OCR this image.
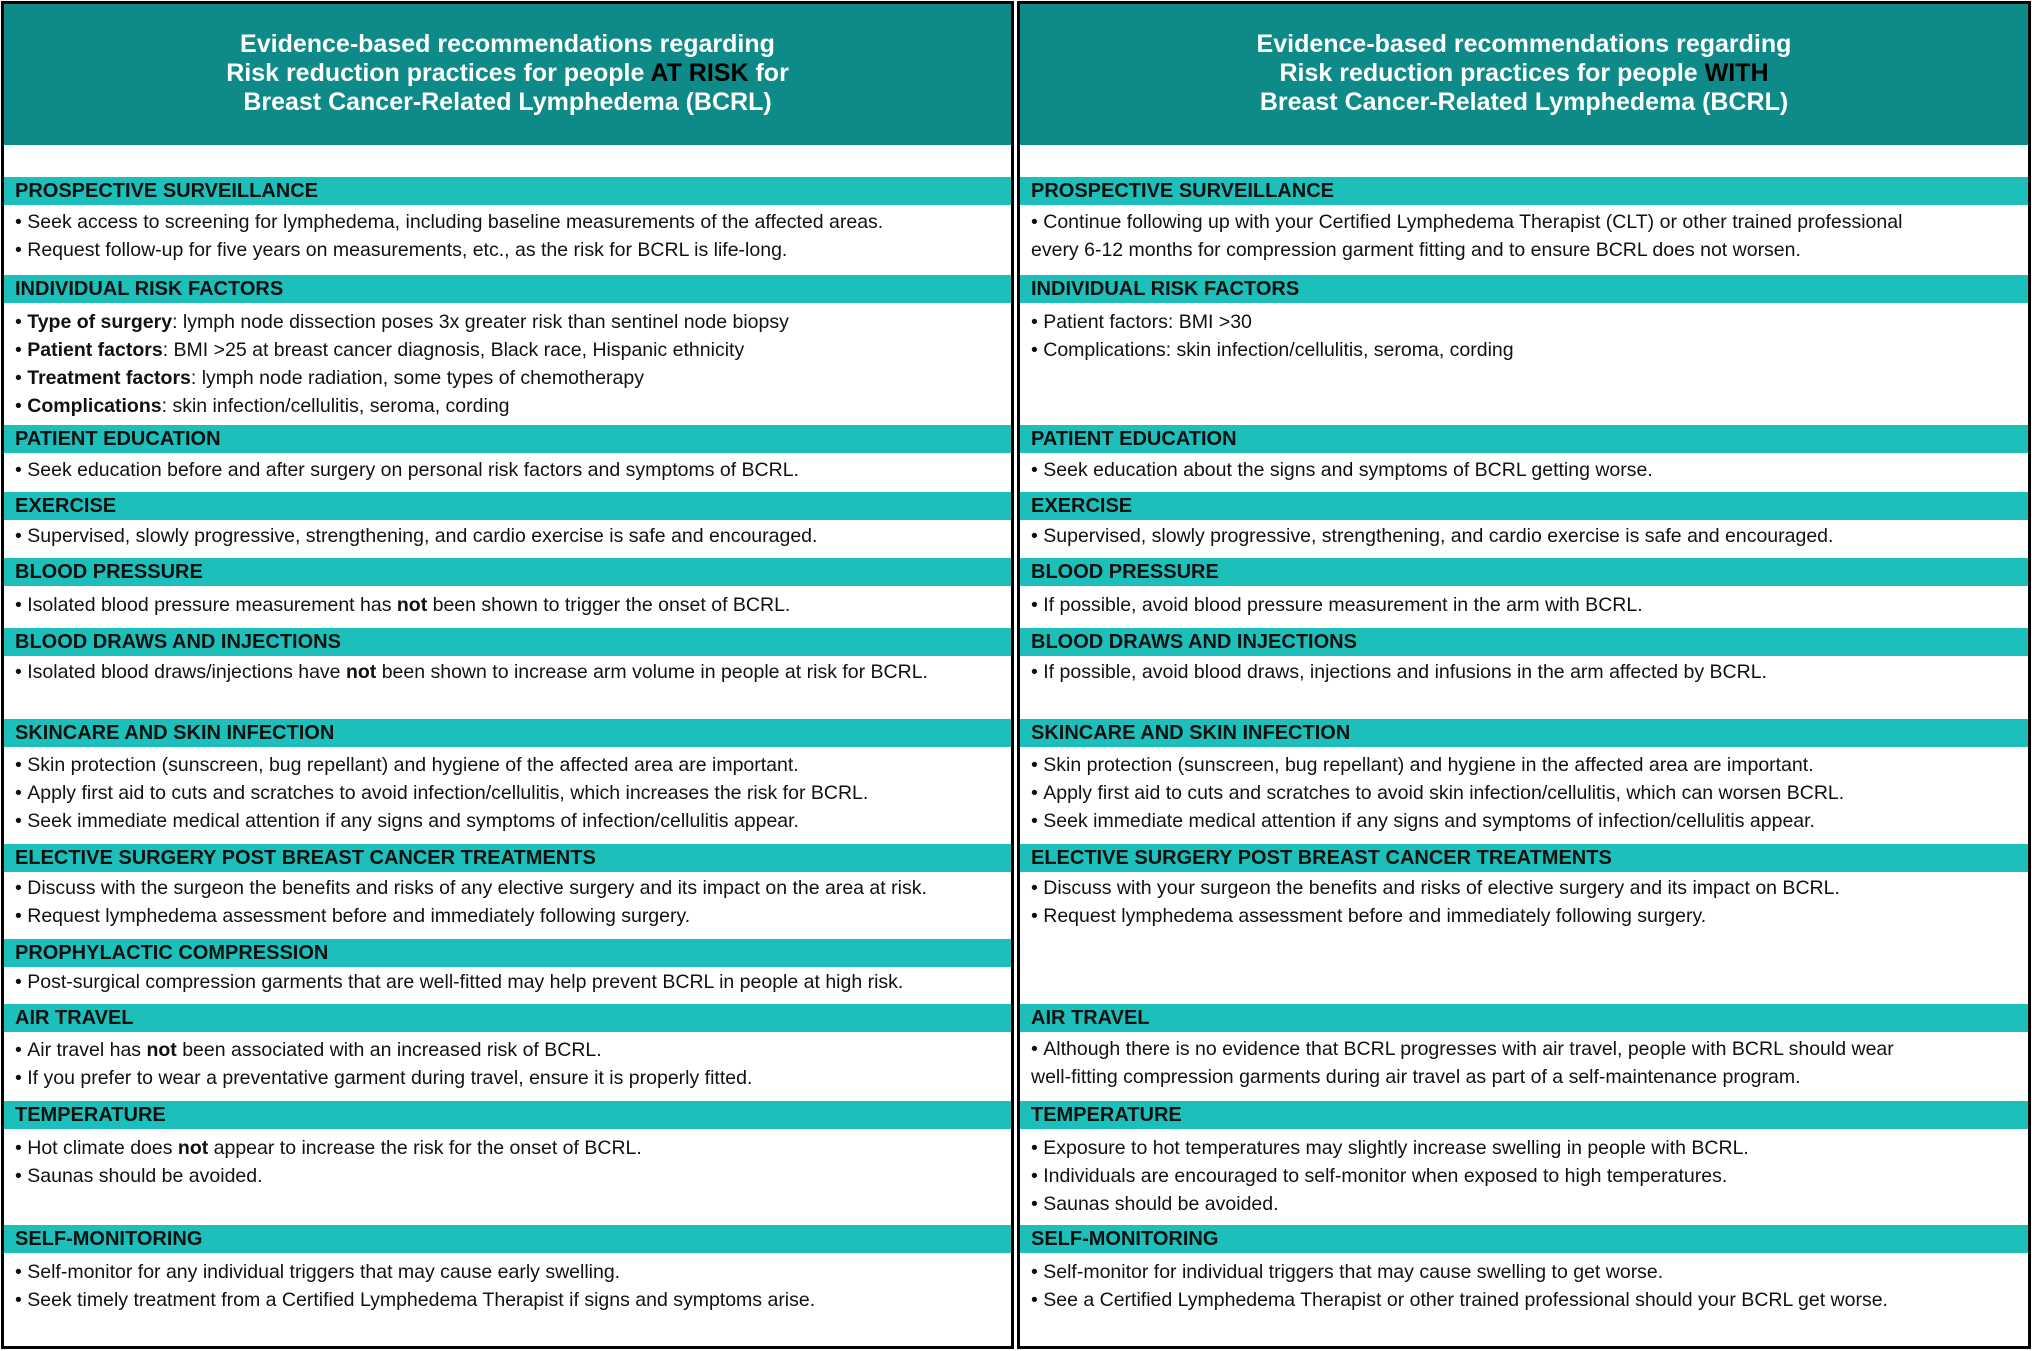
Evidence-based recommendations regarding
Risk reduction practices for people AT RISK for
Breast Cancer-Related Lymphedema (BCRL)
PROSPECTIVE SURVEILLANCE
• Seek access to screening for lymphedema, including baseline measurements of the affected areas.
• Request follow-up for five years on measurements, etc., as the risk for BCRL is life-long.
INDIVIDUAL RISK FACTORS
• Type of surgery: lymph node dissection poses 3x greater risk than sentinel node biopsy
• Patient factors: BMI >25 at breast cancer diagnosis, Black race, Hispanic ethnicity
• Treatment factors: lymph node radiation, some types of chemotherapy
• Complications: skin infection/cellulitis, seroma, cording
PATIENT EDUCATION
• Seek education before and after surgery on personal risk factors and symptoms of BCRL.
EXERCISE
• Supervised, slowly progressive, strengthening, and cardio exercise is safe and encouraged.
BLOOD PRESSURE
• Isolated blood pressure measurement has not been shown to trigger the onset of BCRL.
BLOOD DRAWS AND INJECTIONS
• Isolated blood draws/injections have not been shown to increase arm volume in people at risk for BCRL.
SKINCARE AND SKIN INFECTION
• Skin protection (sunscreen, bug repellant) and hygiene of the affected area are important.
• Apply first aid to cuts and scratches to avoid infection/cellulitis, which increases the risk for BCRL.
• Seek immediate medical attention if any signs and symptoms of infection/cellulitis appear.
ELECTIVE SURGERY POST BREAST CANCER TREATMENTS
• Discuss with the surgeon the benefits and risks of any elective surgery and its impact on the area at risk.
• Request lymphedema assessment before and immediately following surgery.
PROPHYLACTIC COMPRESSION
• Post-surgical compression garments that are well-fitted may help prevent BCRL in people at high risk.
AIR TRAVEL
• Air travel has not been associated with an increased risk of BCRL.
• If you prefer to wear a preventative garment during travel, ensure it is properly fitted.
TEMPERATURE
• Hot climate does not appear to increase the risk for the onset of BCRL.
• Saunas should be avoided.
SELF-MONITORING
• Self-monitor for any individual triggers that may cause early swelling.
• Seek timely treatment from a Certified Lymphedema Therapist if signs and symptoms arise.
Evidence-based recommendations regarding
Risk reduction practices for people WITH
Breast Cancer-Related Lymphedema (BCRL)
PROSPECTIVE SURVEILLANCE
• Continue following up with your Certified Lymphedema Therapist (CLT) or other trained professional
every 6-12 months for compression garment fitting and to ensure BCRL does not worsen.
INDIVIDUAL RISK FACTORS
• Patient factors: BMI >30
• Complications: skin infection/cellulitis, seroma, cording
PATIENT EDUCATION
• Seek education about the signs and symptoms of BCRL getting worse.
EXERCISE
• Supervised, slowly progressive, strengthening, and cardio exercise is safe and encouraged.
BLOOD PRESSURE
• If possible, avoid blood pressure measurement in the arm with BCRL.
BLOOD DRAWS AND INJECTIONS
• If possible, avoid blood draws, injections and infusions in the arm affected by BCRL.
SKINCARE AND SKIN INFECTION
• Skin protection (sunscreen, bug repellant) and hygiene in the affected area are important.
• Apply first aid to cuts and scratches to avoid skin infection/cellulitis, which can worsen BCRL.
• Seek immediate medical attention if any signs and symptoms of infection/cellulitis appear.
ELECTIVE SURGERY POST BREAST CANCER TREATMENTS
• Discuss with your surgeon the benefits and risks of elective surgery and its impact on BCRL.
• Request lymphedema assessment before and immediately following surgery.
AIR TRAVEL
• Although there is no evidence that BCRL progresses with air travel, people with BCRL should wear
well-fitting compression garments during air travel as part of a self-maintenance program.
TEMPERATURE
• Exposure to hot temperatures may slightly increase swelling in people with BCRL.
• Individuals are encouraged to self-monitor when exposed to high temperatures.
• Saunas should be avoided.
SELF-MONITORING
• Self-monitor for individual triggers that may cause swelling to get worse.
• See a Certified Lymphedema Therapist or other trained professional should your BCRL get worse.
